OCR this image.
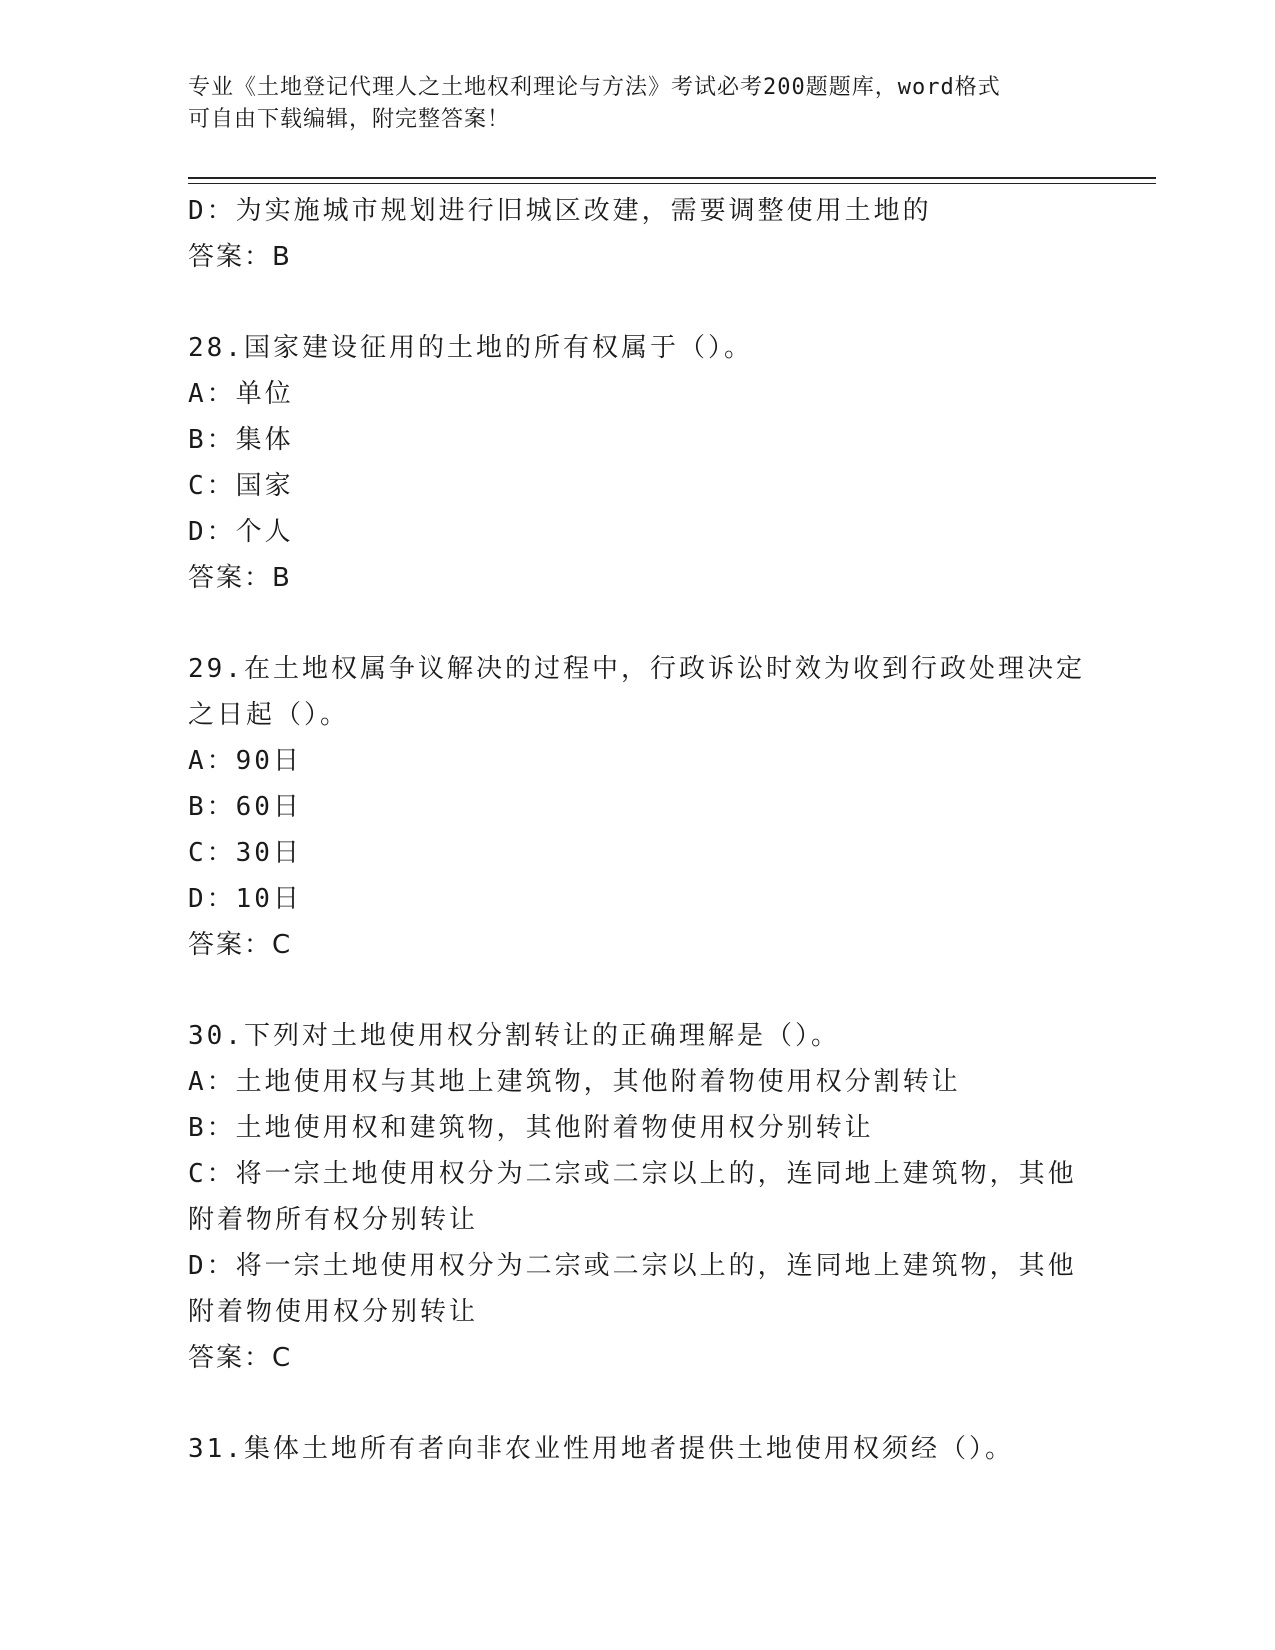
专业《土地登记代理人之土地权利理论与方法》考试必考200题题库，word格式
可自由下载编辑，附完整答案！

D：为实施城市规划进行旧城区改建，需要调整使用土地的

答案：B

28.国家建设征用的土地的所有权属于（）。

A：单位

B：集体

C：国家

D：个人

答案：B

29.在土地权属争议解决的过程中，行政诉讼时效为收到行政处理决定

之日起（）。

A：90日

B：60日

C：30日

D：10日

答案：C

30.下列对土地使用权分割转让的正确理解是（）。

A：土地使用权与其地上建筑物，其他附着物使用权分割转让

B：土地使用权和建筑物，其他附着物使用权分别转让

C：将一宗土地使用权分为二宗或二宗以上的，连同地上建筑物，其他

附着物所有权分别转让

D：将一宗土地使用权分为二宗或二宗以上的，连同地上建筑物，其他

附着物使用权分别转让

答案：C

31.集体土地所有者向非农业性用地者提供土地使用权须经（）。
